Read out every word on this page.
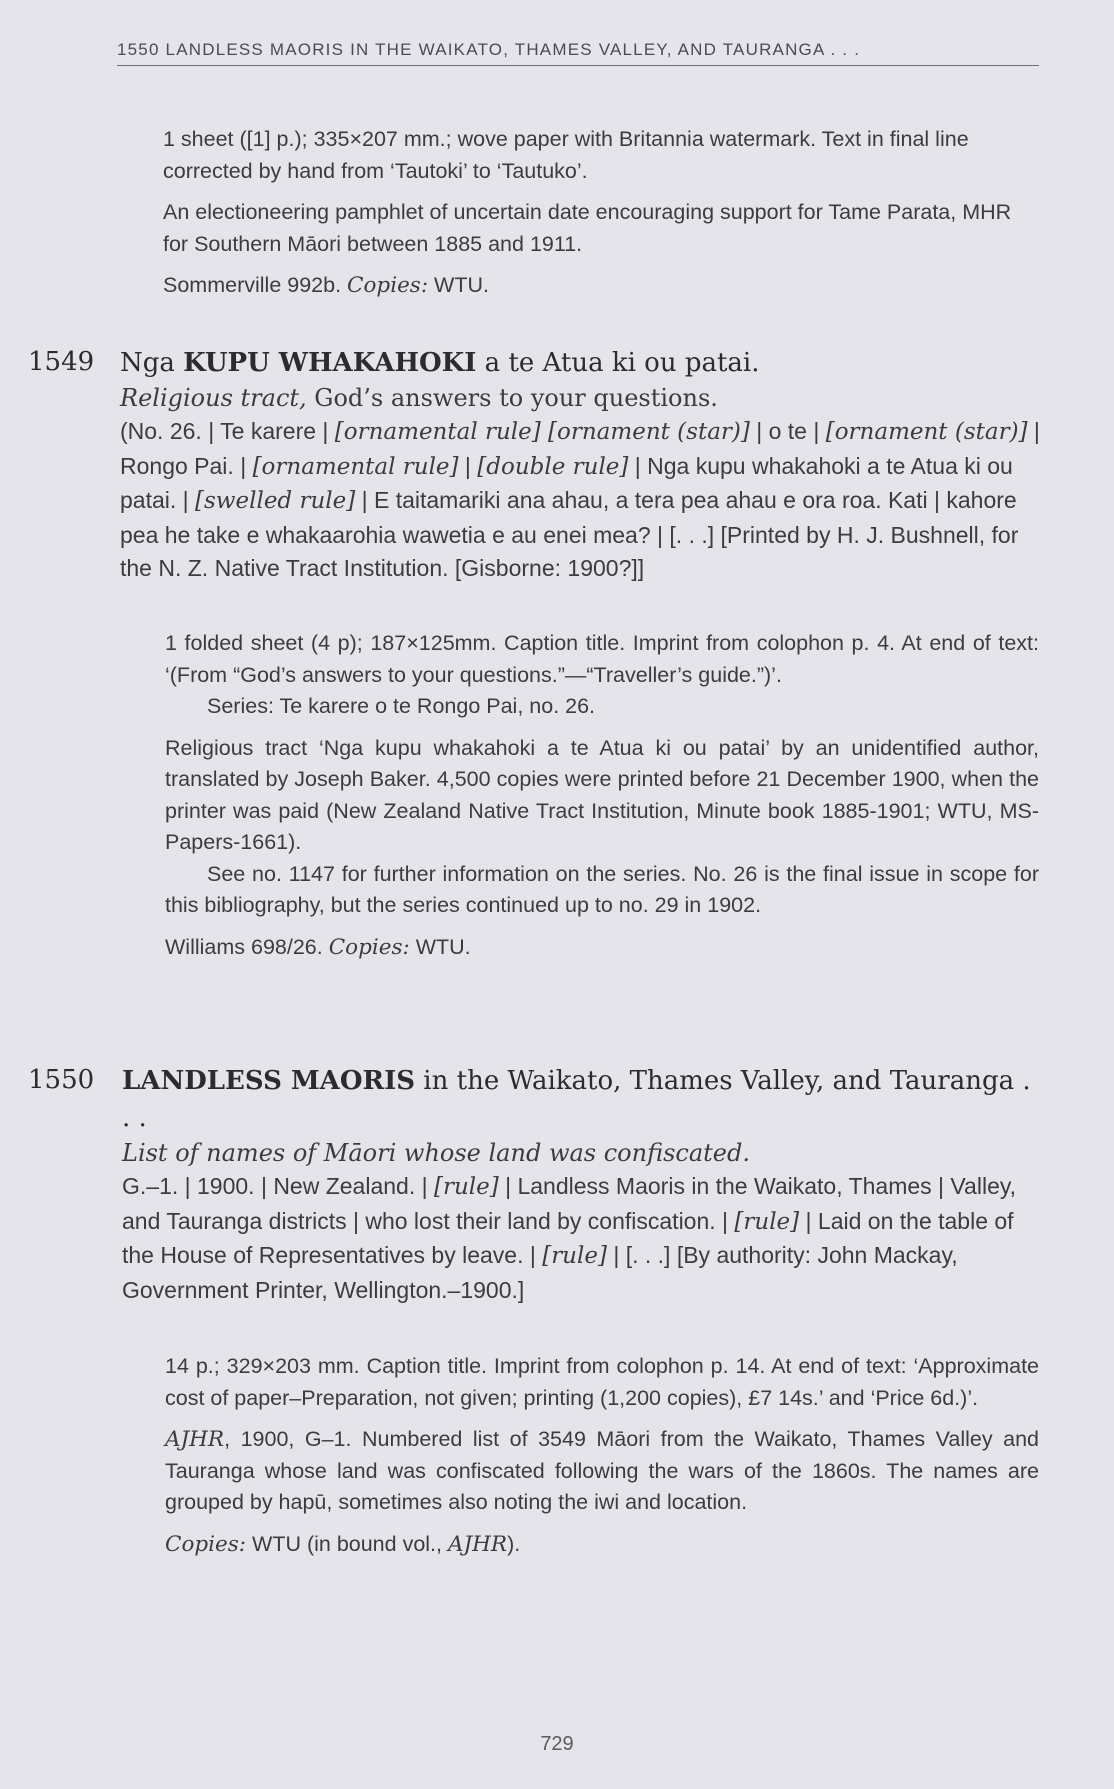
1550 LANDLESS MAORIS IN THE WAIKATO, THAMES VALLEY, AND TAURANGA . . .

1 sheet ([1] p.); 335×207 mm.; wove paper with Britannia watermark. Text in final line corrected by hand from ‘Tautoki’ to ‘Tautuko’.

An electioneering pamphlet of uncertain date encouraging support for Tame Parata, MHR for Southern Māori between 1885 and 1911.

Sommerville 992b. Copies: WTU.

1549 Nga KUPU WHAKAHOKI a te Atua ki ou patai.

Religious tract, God’s answers to your questions.

(No. 26. | Te karere | [ornamental rule] [ornament (star)] | o te | [ornament (star)] | Rongo Pai. | [ornamental rule] | [double rule] | Nga kupu whakahoki a te Atua ki ou patai. | [swelled rule] | E taitamariki ana ahau, a tera pea ahau e ora roa. Kati | kahore pea he take e whakaarohia wawetia e au enei mea? | [. . .] [Printed by H. J. Bushnell, for the N. Z. Native Tract Institution. [Gisborne: 1900?]]

1 folded sheet (4 p); 187×125mm. Caption title. Imprint from colophon p. 4. At end of text: ‘(From “God’s answers to your questions.”—“Traveller’s guide.”)’.

Series: Te karere o te Rongo Pai, no. 26.

Religious tract ‘Nga kupu whakahoki a te Atua ki ou patai’ by an unidentified author, translated by Joseph Baker. 4,500 copies were printed before 21 December 1900, when the printer was paid (New Zealand Native Tract Institution, Minute book 1885-1901; WTU, MS-Papers-1661).

See no. 1147 for further information on the series. No. 26 is the final issue in scope for this bibliography, but the series continued up to no. 29 in 1902.

Williams 698/26. Copies: WTU.

1550 LANDLESS MAORIS in the Waikato, Thames Valley, and Tauranga . . .

List of names of Māori whose land was confiscated.

G.–1. | 1900. | New Zealand. | [rule] | Landless Maoris in the Waikato, Thames | Valley, and Tauranga districts | who lost their land by confiscation. | [rule] | Laid on the table of the House of Representatives by leave. | [rule] | [. . .] [By authority: John Mackay, Government Printer, Wellington.–1900.]

14 p.; 329×203 mm. Caption title. Imprint from colophon p. 14. At end of text: ‘Approximate cost of paper–Preparation, not given; printing (1,200 copies), £7 14s.’ and ‘Price 6d.)’.

AJHR, 1900, G–1. Numbered list of 3549 Māori from the Waikato, Thames Valley and Tauranga whose land was confiscated following the wars of the 1860s. The names are grouped by hapū, sometimes also noting the iwi and location.

Copies: WTU (in bound vol., AJHR).

729
